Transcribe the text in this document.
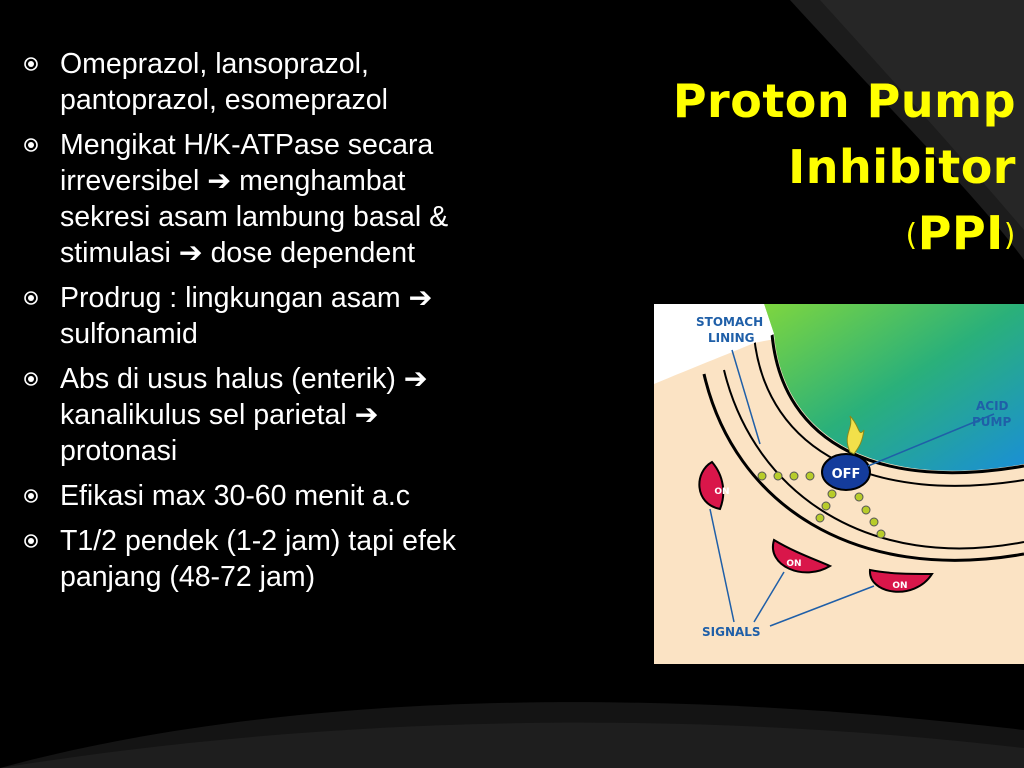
Proton Pump
Inhibitor
(PPI)
Omeprazol, lansoprazol,
pantoprazol, esomeprazol
Mengikat H/K-ATPase secara
irreversibel ➔ menghambat
sekresi asam lambung basal &
stimulasi ➔ dose dependent
Prodrug : lingkungan asam ➔
sulfonamid
Abs di usus halus (enterik) ➔
kanalikulus sel parietal ➔
protonasi
Efikasi max 30-60 menit a.c
T1/2 pendek (1-2 jam) tapi efek
panjang (48-72 jam)
OFF
ON
ON
ON
STOMACH
LINING
ACID
PUMP
SIGNALS
